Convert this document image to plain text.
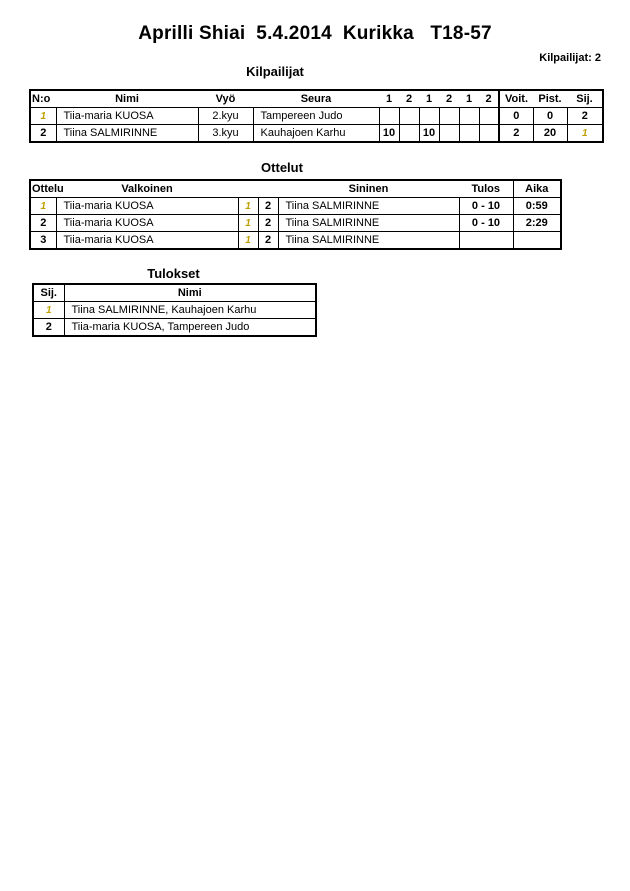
Aprilli Shiai  5.4.2014  Kurikka   T18-57
Kilpailijat: 2
Kilpailijat
N:o	Nimi	Vyö	Seura	1	2	1	2	1	2	Voit.	Pist.	Sij.
1	Tiia-maria KUOSA	2.kyu	Tampereen Judo							0	0	2
2	Tiina SALMIRINNE	3.kyu	Kauhajoen Karhu	10		10				2	20	1
Ottelut
Ottelu	Valkoinen			Sininen	Tulos	Aika
1	Tiia-maria KUOSA	1	2	Tiina SALMIRINNE	0 - 10	0:59
2	Tiia-maria KUOSA	1	2	Tiina SALMIRINNE	0 - 10	2:29
3	Tiia-maria KUOSA	1	2	Tiina SALMIRINNE		
Tulokset
Sij.	Nimi
1	Tiina SALMIRINNE, Kauhajoen Karhu
2	Tiia-maria KUOSA, Tampereen Judo
